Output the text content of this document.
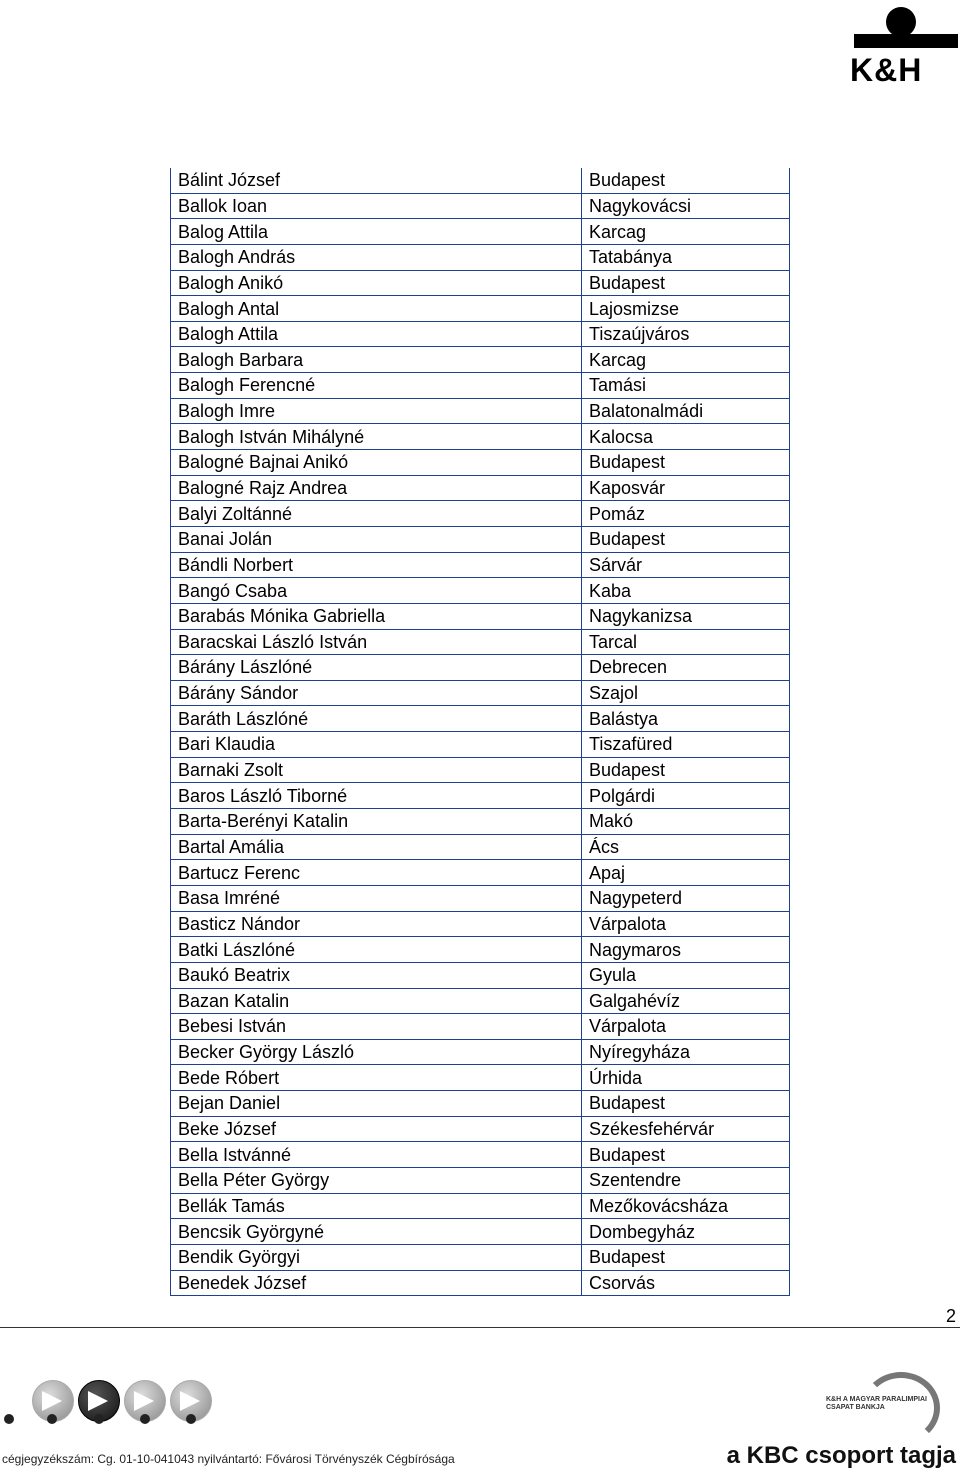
K&H
Bálint József	Budapest
Ballok Ioan	Nagykovácsi
Balog Attila	Karcag
Balogh András	Tatabánya
Balogh Anikó	Budapest
Balogh Antal	Lajosmizse
Balogh Attila	Tiszaújváros
Balogh Barbara	Karcag
Balogh Ferencné	Tamási
Balogh Imre	Balatonalmádi
Balogh István Mihályné	Kalocsa
Balogné Bajnai Anikó	Budapest
Balogné Rajz Andrea	Kaposvár
Balyi Zoltánné	Pomáz
Banai Jolán	Budapest
Bándli Norbert	Sárvár
Bangó Csaba	Kaba
Barabás Mónika Gabriella	Nagykanizsa
Baracskai László István	Tarcal
Bárány Lászlóné	Debrecen
Bárány Sándor	Szajol
Baráth Lászlóné	Balástya
Bari Klaudia	Tiszafüred
Barnaki Zsolt	Budapest
Baros László Tiborné	Polgárdi
Barta-Berényi Katalin	Makó
Bartal Amália	Ács
Bartucz Ferenc	Apaj
Basa Imréné	Nagypeterd
Basticz Nándor	Várpalota
Batki Lászlóné	Nagymaros
Baukó Beatrix	Gyula
Bazan Katalin	Galgahévíz
Bebesi István	Várpalota
Becker György László	Nyíregyháza
Bede Róbert	Úrhida
Bejan Daniel	Budapest
Beke József	Székesfehérvár
Bella Istvánné	Budapest
Bella Péter György	Szentendre
Bellák Tamás	Mezőkovácsháza
Bencsik Györgyné	Dombegyház
Bendik Györgyi	Budapest
Benedek József	Csorvás
2
K&H A MAGYAR PARALIMPIAI CSAPAT BANKJA
cégjegyzékszám: Cg. 01-10-041043 nyilvántartó: Fővárosi Törvényszék Cégbírósága	a KBC csoport tagja
